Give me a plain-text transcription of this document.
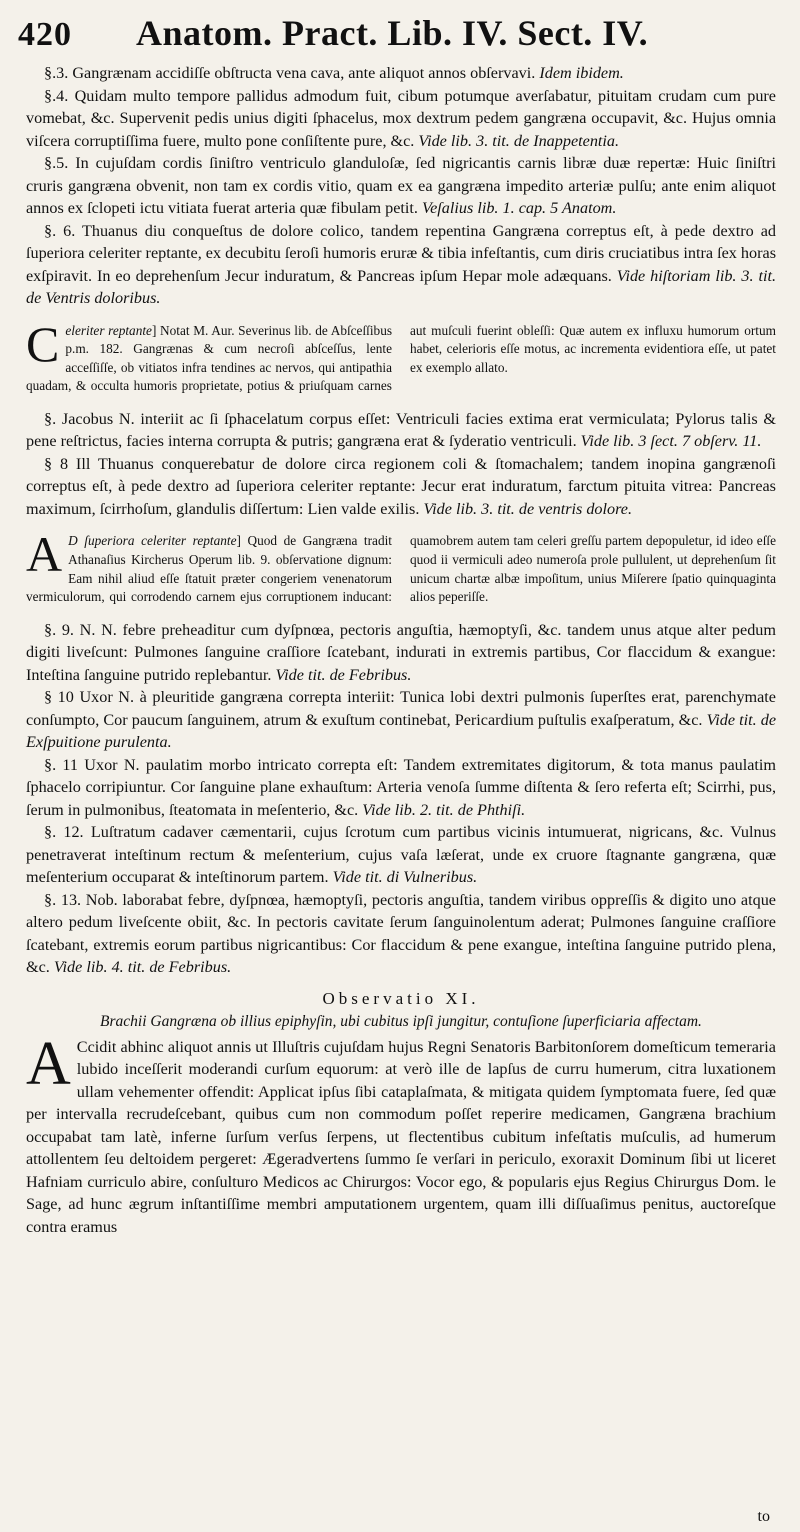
420 Anatom. Pract. Lib. IV. Sect. IV.

§.3. Gangrænam accidiſſe obſtructa vena cava, ante aliquot annos obſervavi. Idem ibidem.

§.4. Quidam multo tempore pallidus admodum fuit, cibum potumque averſabatur, pituitam crudam cum pure vomebat, &c. Supervenit pedis unius digiti ſphacelus, mox dextrum pedem gangræna occupavit, &c. Hujus omnia viſcera corruptiſſima fuere, multo pone conſiſtente pure, &c. Vide lib. 3. tit. de Inappetentia.

§.5. In cujuſdam cordis ſiniſtro ventriculo glanduloſæ, ſed nigricantis carnis libræ duæ repertæ: Huic ſiniſtri cruris gangræna obvenit, non tam ex cordis vitio, quam ex ea gangræna impedito arteriæ pulſu; ante enim aliquot annos ex ſclopeti ictu vitiata fuerat arteria quæ fibulam petit. Veſalius lib. 1. cap. 5 Anatom.

§. 6. Thuanus diu conqueſtus de dolore colico, tandem repentina Gangræna correptus eſt, à pede dextro ad ſuperiora celeriter reptante, ex decubitu ſeroſi humoris eruræ & tibia infeſtantis, cum diris cruciatibus intra ſex horas exſpiravit. In eo deprehenſum Jecur induratum, & Pancreas ipſum Hepar mole adæquans. Vide hiſtoriam lib. 3. tit. de Ventris doloribus.

Celeriter reptante] Notat M. Aur. Severinus lib. de Abſceſſibus p.m. 182. Gangrænas & cum necroſi abſceſſus, lente acceſſiſſe, ob vitiatos infra tendines ac nervos, qui antipathia quadam, & occulta humoris proprietate, potius & priuſquam carnes aut muſculi fuerint obleſſi: Quæ autem ex influxu humorum ortum habet, celerioris eſſe motus, ac incrementa evidentiora eſſe, ut patet ex exemplo allato.

§. Jacobus N. interiit ac ſi ſphacelatum corpus eſſet: Ventriculi facies extima erat vermiculata; Pylorus talis & pene reſtrictus, facies interna corrupta & putris; gangræna erat & ſyderatio ventriculi. Vide lib. 3 ſect. 7 obſerv. 11.

§ 8 Ill Thuanus conquerebatur de dolore circa regionem coli & ſtomachalem; tandem inopina gangrænoſi correptus eſt, à pede dextro ad ſuperiora celeriter reptante: Jecur erat induratum, farctum pituita vitrea: Pancreas maximum, ſcirrhoſum, glandulis diſſertum: Lien valde exilis. Vide lib. 3. tit. de ventris dolore.

A D ſuperiora celeriter reptante] Quod de Gangræna tradit Athanaſius Kircherus Operum lib. 9. obſervatione dignum: Eam nihil aliud eſſe ſtatuit præter congeriem venenatorum vermiculorum, qui corrodendo carnem ejus corruptionem inducant: quamobrem autem tam celeri greſſu partem depopuletur, id ideo eſſe quod ii vermiculi adeo numeroſa prole pullulent, ut deprehenſum ſit unicum chartæ albæ impoſitum, unius Miſerere ſpatio quinquaginta alios peperiſſe.

§. 9. N. N. febre preheaditur cum dyſpnœa, pectoris anguſtia, hæmoptyſi, &c. tandem unus atque alter pedum digiti liveſcunt: Pulmones ſanguine craſſiore ſcatebant, indurati in extremis partibus, Cor flaccidum & exangue: Inteſtina ſanguine putrido replebantur. Vide tit. de Febribus.

§ 10 Uxor N. à pleuritide gangræna correpta interiit: Tunica lobi dextri pulmonis ſuperſtes erat, parenchymate conſumpto, Cor paucum ſanguinem, atrum & exuſtum continebat, Pericardium puſtulis exaſperatum, &c. Vide tit. de Exſpuitione purulenta.

§. 11 Uxor N. paulatim morbo intricato correpta eſt: Tandem extremitates digitorum, & tota manus paulatim ſphacelo corripiuntur. Cor ſanguine plane exhauſtum: Arteria venoſa ſumme diſtenta & ſero referta eſt; Scirrhi, pus, ſerum in pulmonibus, ſteatomata in meſenterio, &c. Vide lib. 2. tit. de Phthiſi.

§. 12. Luſtratum cadaver cæmentarii, cujus ſcrotum cum partibus vicinis intumuerat, nigricans, &c. Vulnus penetraverat inteſtinum rectum & meſenterium, cujus vaſa læſerat, unde ex cruore ſtagnante gangræna, quæ meſenterium occuparat & inteſtinorum partem. Vide tit. di Vulneribus.

§. 13. Nob. laborabat febre, dyſpnœa, hæmoptyſi, pectoris anguſtia, tandem viribus oppreſſis & digito uno atque altero pedum liveſcente obiit, &c. In pectoris cavitate ſerum ſanguinolentum aderat; Pulmones ſanguine craſſiore ſcatebant, extremis eorum partibus nigricantibus: Cor flaccidum & pene exangue, inteſtina ſanguine putrido plena, &c. Vide lib. 4. tit. de Febribus.

Observatio XI.
Brachii Gangræna ob illius epiphyſin, ubi cubitus ipſi jungitur, contuſione ſuperficiaria affectam.
A Ccidit abhinc aliquot annis ut Illuſtris cujuſdam hujus Regni Senatoris Barbitonſorem domeſticum temeraria lubido inceſſerit moderandi curſum equorum: at verò ille de lapſus de curru humerum, citra luxationem ullam vehementer offendit: Applicat ipſus ſibi cataplaſmata, & mitigata quidem ſymptomata fuere, ſed quæ per intervalla recrudeſcebant, quibus cum non commodum poſſet reperire medicamen, Gangræna brachium occupabat tam latè, inferne ſurſum verſus ſerpens, ut flectentibus cubitum infeſtatis muſculis, ad humerum attollentem ſeu deltoidem pergeret: Ægeradvertens ſummo ſe verſari in periculo, exoraxit Dominum ſibi ut liceret Hafniam curriculo abire, conſulturo Medicos ac Chirurgos: Vocor ego, & popularis ejus Regius Chirurgus Dom. le Sage, ad hunc ægrum inſtantiſſime membri amputationem urgentem, quam illi diſſuaſimus penitus, auctoreſque contra eramus
to
